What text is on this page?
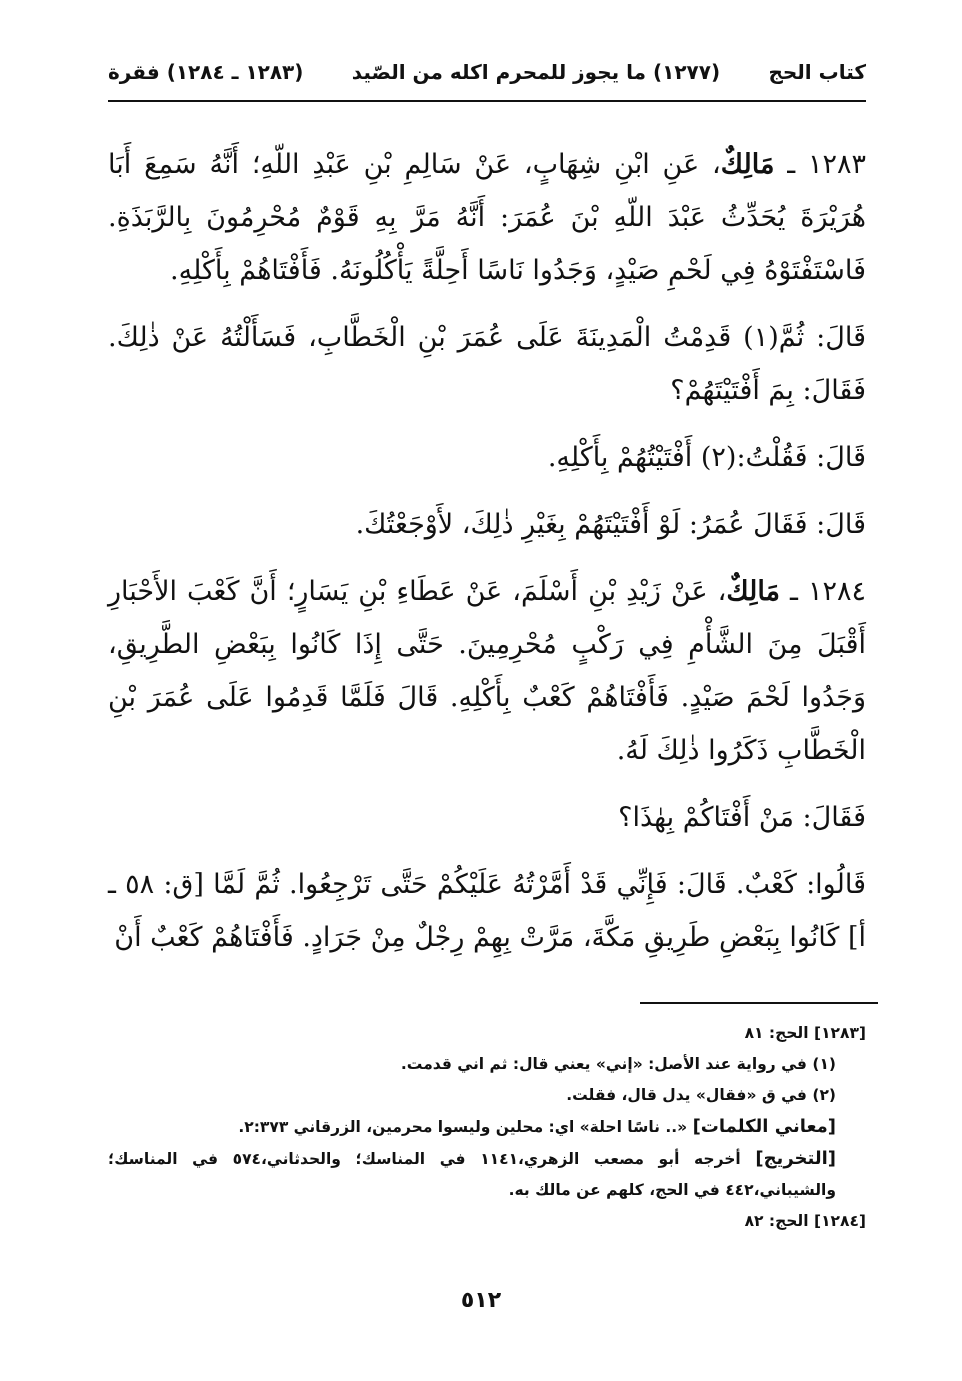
كتاب الحج
(١٢٧٧) ما يجوز للمحرم اكله من الصّيد
(١٢٨٣ ـ ١٢٨٤) فقرة

١٢٨٣ ـ مَالِكٌ، عَنِ ابْنِ شِهَابٍ، عَنْ سَالِمِ بْنِ عَبْدِ اللّهِ؛ أَنَّهُ سَمِعَ أَبَا هُرَيْرَةَ يُحَدِّثُ عَبْدَ اللّهِ بْنَ عُمَرَ: أَنَّهُ مَرَّ بِهِ قَوْمٌ مُحْرِمُونَ بِالرَّبَذَةِ. فَاسْتَفْتَوْهُ فِي لَحْمِ صَيْدٍ، وَجَدُوا نَاسًا أَحِلَّةً يَأْكُلُونَهُ. فَأَفْتَاهُمْ بِأَكْلِهِ.

قَالَ: ثُمَّ(١) قَدِمْتُ الْمَدِينَةَ عَلَى عُمَرَ بْنِ الْخَطَّابِ، فَسَأَلْتُهُ عَنْ ذٰلِكَ. فَقَالَ: بِمَ أَفْتَيْتَهُمْ؟

قَالَ: فَقُلْتُ:(٢) أَفْتَيْتُهُمْ بِأَكْلِهِ.

قَالَ: فَقَالَ عُمَرُ: لَوْ أَفْتَيْتَهُمْ بِغَيْرِ ذٰلِكَ، لأَوْجَعْتُكَ.

١٢٨٤ ـ مَالِكٌ، عَنْ زَيْدِ بْنِ أَسْلَمَ، عَنْ عَطَاءِ بْنِ يَسَارٍ؛ أَنَّ كَعْبَ الأَحْبَارِ أَقْبَلَ مِنَ الشَّأْمِ فِي رَكْبٍ مُحْرِمِينَ. حَتَّى إِذَا كَانُوا بِبَعْضِ الطَّرِيقِ، وَجَدُوا لَحْمَ صَيْدٍ. فَأَفْتَاهُمْ كَعْبٌ بِأَكْلِهِ. قَالَ فَلَمَّا قَدِمُوا عَلَى عُمَرَ بْنِ الْخَطَّابِ ذَكَرُوا ذٰلِكَ لَهُ.

فَقَالَ: مَنْ أَفْتَاكُمْ بِهٰذَا؟

قَالُوا: كَعْبٌ. قَالَ: فَإِنِّي قَدْ أَمَّرْتُهُ عَلَيْكُمْ حَتَّى تَرْجِعُوا. ثُمَّ لَمَّا [ق: ٥٨ ـ أ] كَانُوا بِبَعْضِ طَرِيقِ مَكَّةَ، مَرَّتْ بِهِمْ رِجْلٌ مِنْ جَرَادٍ. فَأَفْتَاهُمْ كَعْبٌ أَنْ

[١٢٨٣] الحج: ٨١

(١) في رواية عند الأصل: «إني» يعني قال: ثم اني قدمت.

(٢) في ق «فقال» يدل قال، فقلت.

[معاني الكلمات] «.. ناسًا احلة» اي: محلين وليسوا محرمين، الزرقاني ٢:٣٧٣.

[التخريج] أخرجه أبو مصعب الزهري،١١٤١ في المناسك؛ والحدثاني،٥٧٤ في المناسك؛ والشيباني،٤٤٢ في الحج، كلهم عن مالك به.

[١٢٨٤] الحج: ٨٢

٥١٢
